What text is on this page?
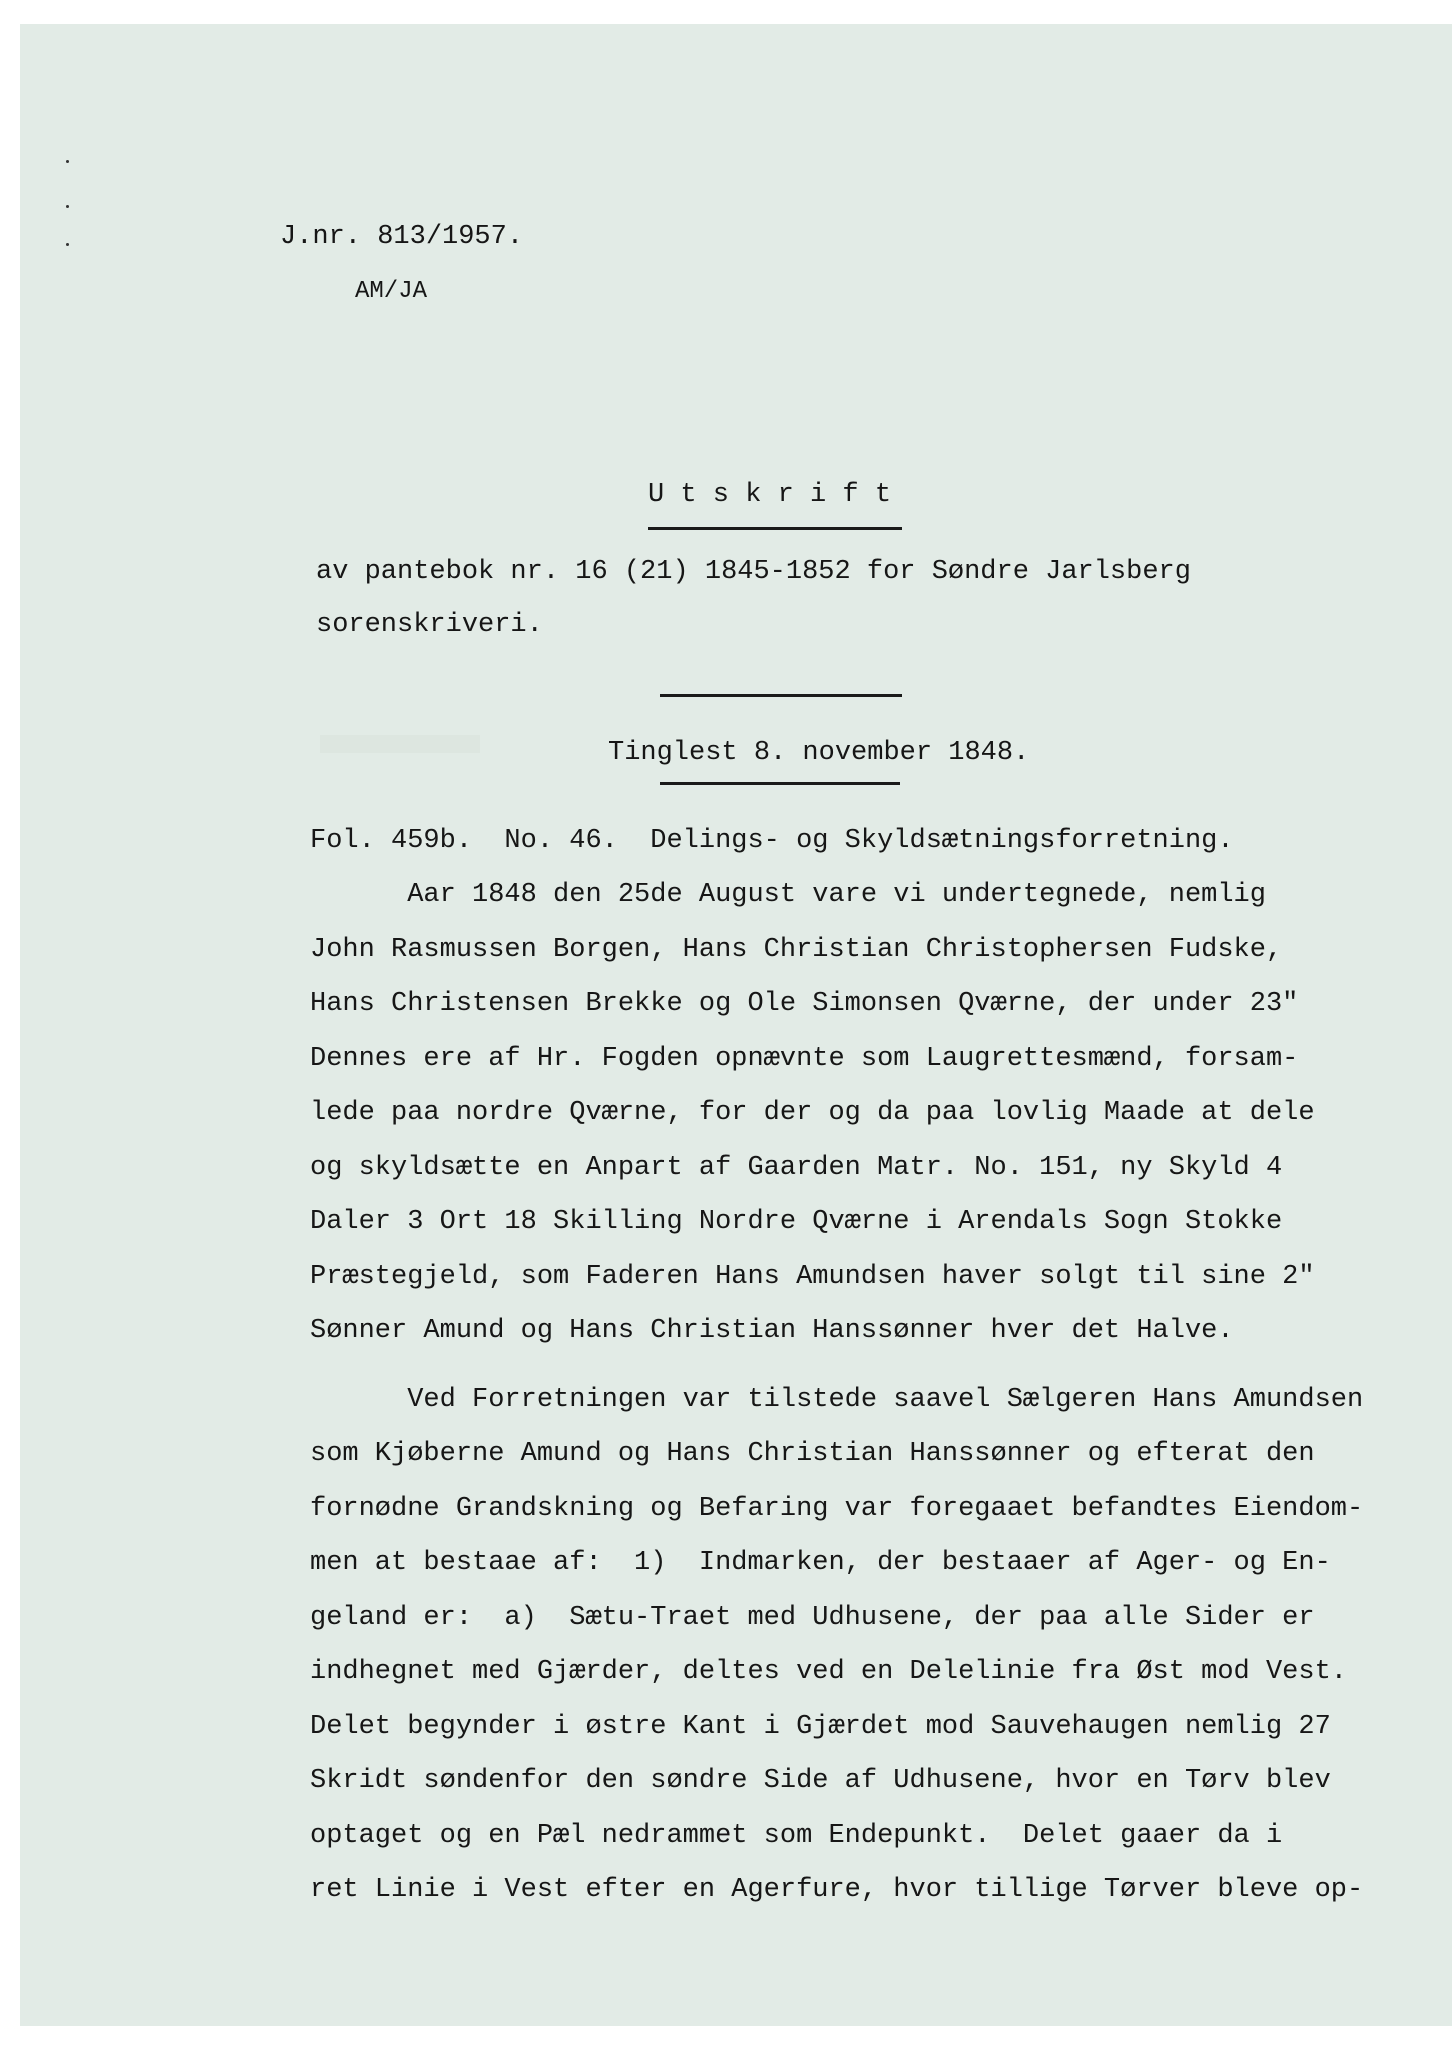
J.nr. 813/1957.
AM/JA
U t s k r i f t
av pantebok nr. 16 (21) 1845-1852 for Søndre Jarlsberg
sorenskriveri.
Tinglest 8. november 1848.
Fol. 459b.  No. 46.  Delings- og Skyldsætningsforretning.
Aar 1848 den 25de August vare vi undertegnede, nemlig
John Rasmussen Borgen, Hans Christian Christophersen Fudske,
Hans Christensen Brekke og Ole Simonsen Qværne, der under 23"
Dennes ere af Hr. Fogden opnævnte som Laugrettesmænd, forsam-
lede paa nordre Qværne, for der og da paa lovlig Maade at dele
og skyldsætte en Anpart af Gaarden Matr. No. 151, ny Skyld 4
Daler 3 Ort 18 Skilling Nordre Qværne i Arendals Sogn Stokke
Præstegjeld, som Faderen Hans Amundsen haver solgt til sine 2"
Sønner Amund og Hans Christian Hanssønner hver det Halve.
Ved Forretningen var tilstede saavel Sælgeren Hans Amundsen
som Kjøberne Amund og Hans Christian Hanssønner og efterat den
fornødne Grandskning og Befaring var foregaaet befandtes Eiendom-
men at bestaae af:  1)  Indmarken, der bestaaer af Ager- og En-
geland er:  a)  Sætu-Traet med Udhusene, der paa alle Sider er
indhegnet med Gjærder, deltes ved en Delelinie fra Øst mod Vest.
Delet begynder i østre Kant i Gjærdet mod Sauvehaugen nemlig 27
Skridt søndenfor den søndre Side af Udhusene, hvor en Tørv blev
optaget og en Pæl nedrammet som Endepunkt.  Delet gaaer da i
ret Linie i Vest efter en Agerfure, hvor tillige Tørver bleve op-
